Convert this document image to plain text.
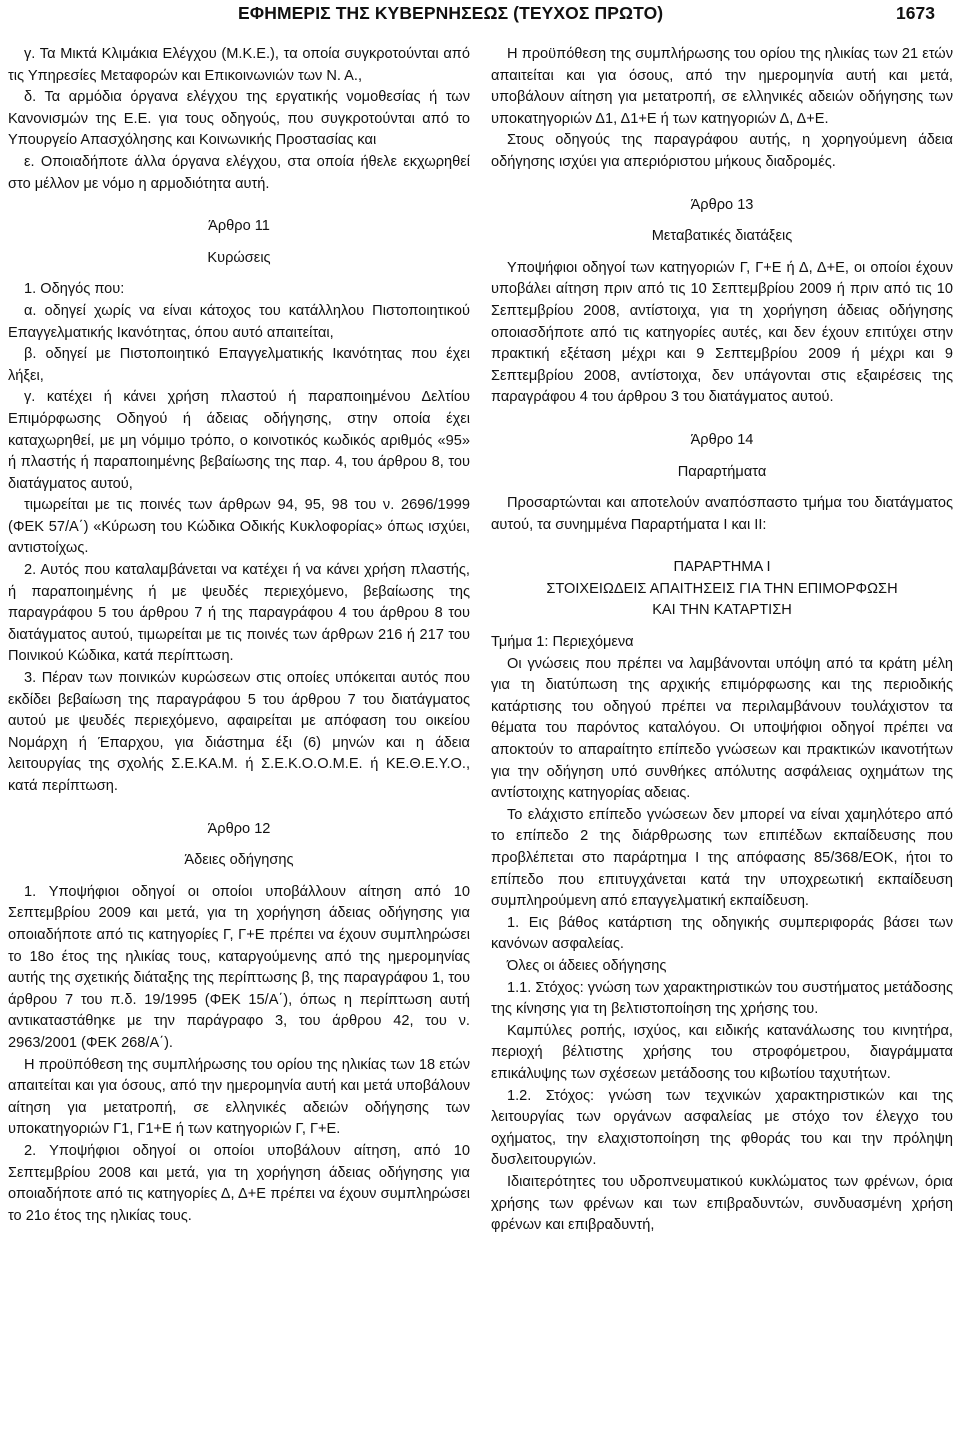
ΕΦΗΜΕΡΙΣ ΤΗΣ ΚΥΒΕΡΝΗΣΕΩΣ (ΤΕΥΧΟΣ ΠΡΩΤΟ)	1673

γ. Τα Μικτά Κλιμάκια Ελέγχου (Μ.Κ.Ε.), τα οποία συγκροτούνται από τις Υπηρεσίες Μεταφορών και Επικοινωνιών των Ν. Α.,

δ. Τα αρμόδια όργανα ελέγχου της εργατικής νομοθεσίας ή των Κανονισμών της Ε.Ε. για τους οδηγούς, που συγκροτούνται από το Υπουργείο Απασχόλησης και Κοινωνικής Προστασίας και

ε. Οποιαδήποτε άλλα όργανα ελέγχου, στα οποία ήθελε εκχωρηθεί στο μέλλον με νόμο η αρμοδιότητα αυτή.

Άρθρο 11

Κυρώσεις

1. Οδηγός που:

α. οδηγεί χωρίς να είναι κάτοχος του κατάλληλου Πιστοποιητικού Επαγγελματικής Ικανότητας, όπου αυτό απαιτείται,

β. οδηγεί με Πιστοποιητικό Επαγγελματικής Ικανότητας που έχει λήξει,

γ. κατέχει ή κάνει χρήση πλαστού ή παραποιημένου Δελτίου Επιμόρφωσης Οδηγού ή άδειας οδήγησης, στην οποία έχει καταχωρηθεί, με μη νόμιμο τρόπο, ο κοινοτικός κωδικός αριθμός «95» ή πλαστής ή παραποιημένης βεβαίωσης της παρ. 4, του άρθρου 8, του διατάγματος αυτού,

τιμωρείται με τις ποινές των άρθρων 94, 95, 98 του ν. 2696/1999 (ΦΕΚ 57/Α΄) «Κύρωση του Κώδικα Οδικής Κυκλοφορίας» όπως ισχύει, αντιστοίχως.

2. Αυτός που καταλαμβάνεται να κατέχει ή να κάνει χρήση πλαστής, ή παραποιημένης ή με ψευδές περιεχόμενο, βεβαίωσης της παραγράφου 5 του άρθρου 7 ή της παραγράφου 4 του άρθρου 8 του διατάγματος αυτού, τιμωρείται με τις ποινές των άρθρων 216 ή 217 του Ποινικού Κώδικα, κατά περίπτωση.

3. Πέραν των ποινικών κυρώσεων στις οποίες υπόκειται αυτός που εκδίδει βεβαίωση της παραγράφου 5 του άρθρου 7 του διατάγματος αυτού με ψευδές περιεχόμενο, αφαιρείται με απόφαση του οικείου Νομάρχη ή Έπαρχου, για διάστημα έξι (6) μηνών και η άδεια λειτουργίας της σχολής Σ.Ε.ΚΑ.Μ. ή Σ.Ε.Κ.Ο.Ο.Μ.Ε. ή ΚΕ.Θ.Ε.Υ.Ο., κατά περίπτωση.

Άρθρο 12

Άδειες οδήγησης

1. Υποψήφιοι οδηγοί οι οποίοι υποβάλλουν αίτηση από 10 Σεπτεμβρίου 2009 και μετά, για τη χορήγηση άδειας οδήγησης για οποιαδήποτε από τις κατηγορίες Γ, Γ+Ε πρέπει να έχουν συμπληρώσει το 18ο έτος της ηλικίας τους, καταργούμενης από της ημερομηνίας αυτής της σχετικής διάταξης της περίπτωσης β, της παραγράφου 1, του άρθρου 7 του π.δ. 19/1995 (ΦΕΚ 15/Α΄), όπως η περίπτωση αυτή αντικαταστάθηκε με την παράγραφο 3, του άρθρου 42, του ν. 2963/2001 (ΦΕΚ 268/Α΄).

Η προϋπόθεση της συμπλήρωσης του ορίου της ηλικίας των 18 ετών απαιτείται και για όσους, από την ημερομηνία αυτή και μετά υποβάλουν αίτηση για μετατροπή, σε ελληνικές αδειών οδήγησης των υποκατηγοριών Γ1, Γ1+Ε ή των κατηγοριών Γ, Γ+Ε.

2. Υποψήφιοι οδηγοί οι οποίοι υποβάλουν αίτηση, από 10 Σεπτεμβρίου 2008 και μετά, για τη χορήγηση άδειας οδήγησης για οποιαδήποτε από τις κατηγορίες Δ, Δ+Ε πρέπει να έχουν συμπληρώσει το 21ο έτος της ηλικίας τους.

Η προϋπόθεση της συμπλήρωσης του ορίου της ηλικίας των 21 ετών απαιτείται και για όσους, από την ημερομηνία αυτή και μετά, υποβάλουν αίτηση για μετατροπή, σε ελληνικές αδειών οδήγησης των υποκατηγοριών Δ1, Δ1+Ε ή των κατηγοριών Δ, Δ+Ε.

Στους οδηγούς της παραγράφου αυτής, η χορηγούμενη άδεια οδήγησης ισχύει για απεριόριστου μήκους διαδρομές.

Άρθρο 13

Μεταβατικές διατάξεις

Υποψήφιοι οδηγοί των κατηγοριών Γ, Γ+Ε ή Δ, Δ+Ε, οι οποίοι έχουν υποβάλει αίτηση πριν από τις 10 Σεπτεμβρίου 2009 ή πριν από τις 10 Σεπτεμβρίου 2008, αντίστοιχα, για τη χορήγηση άδειας οδήγησης οποιασδήποτε από τις κατηγορίες αυτές, και δεν έχουν επιτύχει στην πρακτική εξέταση μέχρι και 9 Σεπτεμβρίου 2009 ή μέχρι και 9 Σεπτεμβρίου 2008, αντίστοιχα, δεν υπάγονται στις εξαιρέσεις της παραγράφου 4 του άρθρου 3 του διατάγματος αυτού.

Άρθρο 14

Παραρτήματα

Προσαρτώνται και αποτελούν αναπόσπαστο τμήμα του διατάγματος αυτού, τα συνημμένα Παραρτήματα Ι και ΙΙ:

ΠΑΡΑΡΤΗΜΑ Ι

ΣΤΟΙΧΕΙΩΔΕΙΣ ΑΠΑΙΤΗΣΕΙΣ ΓΙΑ ΤΗΝ ΕΠΙΜΟΡΦΩΣΗ

ΚΑΙ ΤΗΝ ΚΑΤΑΡΤΙΣΗ

Τμήμα 1: Περιεχόμενα

Οι γνώσεις που πρέπει να λαμβάνονται υπόψη από τα κράτη μέλη για τη διατύπωση της αρχικής επιμόρφωσης και της περιοδικής κατάρτισης του οδηγού πρέπει να περιλαμβάνουν τουλάχιστον τα θέματα του παρόντος καταλόγου. Οι υποψήφιοι οδηγοί πρέπει να αποκτούν το απαραίτητο επίπεδο γνώσεων και πρακτικών ικανοτήτων για την οδήγηση υπό συνθήκες απόλυτης ασφάλειας οχημάτων της αντίστοιχης κατηγορίας αδειας.

Το ελάχιστο επίπεδο γνώσεων δεν μπορεί να είναι χαμηλότερο από το επίπεδο 2 της διάρθρωσης των επιπέδων εκπαίδευσης που προβλέπεται στο παράρτημα Ι της απόφασης 85/368/ΕΟΚ, ήτοι το επίπεδο που επιτυγχάνεται κατά την υποχρεωτική εκπαίδευση συμπληρούμενη από επαγγελματική εκπαίδευση.

1. Εις βάθος κατάρτιση της οδηγικής συμπεριφοράς βάσει των κανόνων ασφαλείας.

Όλες οι άδειες οδήγησης

1.1. Στόχος: γνώση των χαρακτηριστικών του συστήματος μετάδοσης της κίνησης για τη βελτιστοποίηση της χρήσης του.

Καμπύλες ροπής, ισχύος, και ειδικής κατανάλωσης του κινητήρα, περιοχή βέλτιστης χρήσης του στροφόμετρου, διαγράμματα επικάλυψης των σχέσεων μετάδοσης του κιβωτίου ταχυτήτων.

1.2. Στόχος: γνώση των τεχνικών χαρακτηριστικών και της λειτουργίας των οργάνων ασφαλείας με στόχο τον έλεγχο του οχήματος, την ελαχιστοποίηση της φθοράς του και την πρόληψη δυσλειτουργιών.

Ιδιαιτερότητες του υδροπνευματικού κυκλώματος των φρένων, όρια χρήσης των φρένων και των επιβραδυντών, συνδυασμένη χρήση φρένων και επιβραδυντή,
